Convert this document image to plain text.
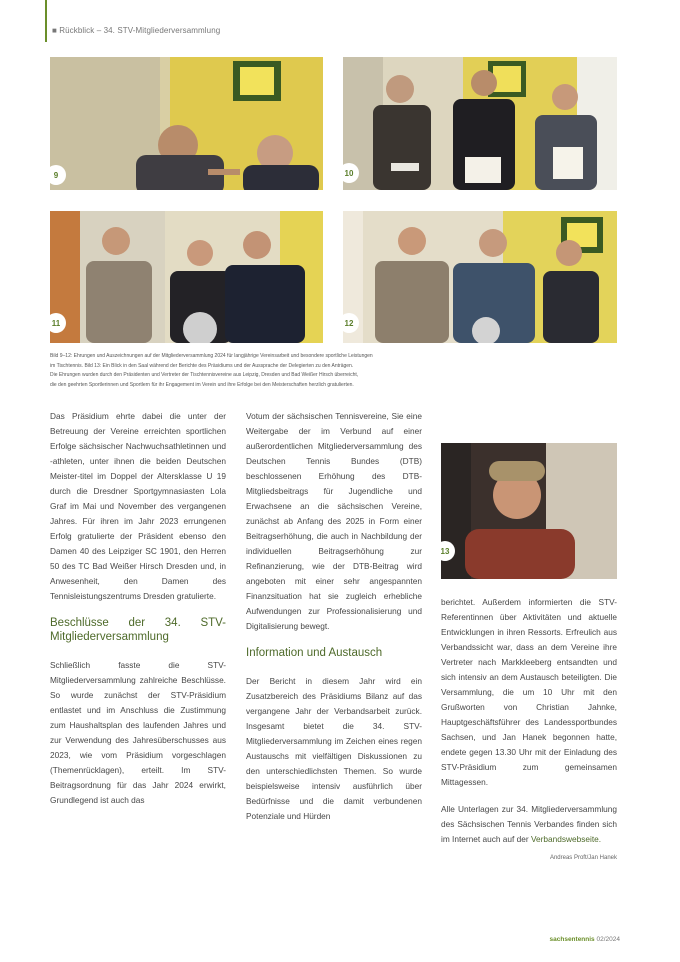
■ Rückblick – 34. STV-Mitgliederversammlung
9	10
11	12
Bild 9–12: Ehrungen und Auszeichnungen auf der Mitgliederversammlung 2024 für langjährige Vereinsarbeit und besondere sportliche Leistungen
im Tischtennis. Bild 13: Ein Blick in den Saal während der Berichte des Präsidiums und der Aussprache der Delegierten zu den Anträgen.
Die Ehrungen wurden durch den Präsidenten und Vertreter der Tischtennisvereine aus Leipzig, Dresden und Bad Weißer Hirsch überreicht,
die den geehrten Sportlerinnen und Sportlern für ihr Engagement im Verein und ihre Erfolge bei den Meisterschaften herzlich gratulierten.

Das Präsidium ehrte dabei die unter der Betreuung der Vereine erreichten sportlichen Erfolge sächsischer Nachwuchsathletinnen und -athleten, unter ihnen die beiden Deutschen Meister-titel im Doppel der Altersklasse U 19 durch die Dresdner Sportgymnasiasten Lola Graf im Mai und November des vergangenen Jahres. Für ihren im Jahr 2023 errungenen Erfolg gratulierte der Präsident ebenso den Damen 40 des Leipziger SC 1901, den Herren 50 des TC Bad Weißer Hirsch Dresden und, in Anwesenheit, den Damen des Tennisleistungszentrums Dresden gratulierte.

Beschlüsse der 34. STV-Mitgliederversammlung

Schließlich fasste die STV-Mitgliederversammlung zahlreiche Beschlüsse. So wurde zunächst der STV-Präsidium entlastet und im Anschluss die Zustimmung zum Haushaltsplan des laufenden Jahres und zur Verwendung des Jahresüberschusses aus 2023, wie vom Präsidium vorgeschlagen (Themenrücklagen), erteilt. Im STV-Beitragsordnung für das Jahr 2024 erwirkt, Grundlegend ist auch das

Votum der sächsischen Tennisvereine, Sie eine Weitergabe der im Verbund auf einer außerordentlichen Mitgliederversammlung des Deutschen Tennis Bundes (DTB) beschlossenen Erhöhung des DTB-Mitgliedsbeitrags für Jugendliche und Erwachsene an die sächsischen Vereine, zunächst ab Anfang des 2025 in Form einer Beitragserhöhung, die auch in Nachbildung der individuellen Beitragserhöhung zur Refinanzierung, wie der DTB-Beitrag wird angeboten mit einer sehr angespannten Finanzsituation hat sie zugleich erhebliche Aufwendungen zur Professionalisierung und Digitalisierung bewegt.

Information und Austausch

Der Bericht in diesem Jahr wird ein Zusatzbereich des Präsidiums Bilanz auf das vergangene Jahr der Verbandsarbeit zurück. Insgesamt bietet die 34. STV-Mitgliederversammlung im Zeichen eines regen Austauschs mit vielfältigen Diskussionen zu den unterschiedlichsten Themen. So wurde beispielsweise intensiv ausführlich über Bedürfnisse und die damit verbundenen Potenziale und Hürden

13

berichtet. Außerdem informierten die STV-Referentinnen über Aktivitäten und aktuelle Entwicklungen in ihren Ressorts. Erfreulich aus Verbandssicht war, dass an dem Vereine ihre Vertreter nach Markkleeberg entsandten und sich intensiv an dem Austausch beteiligten. Die Versammlung, die um 10 Uhr mit den Grußworten von Christian Jahnke, Hauptgeschäftsführer des Landessportbundes Sachsen, und Jan Hanek begonnen hatte, endete gegen 13.30 Uhr mit der Einladung des STV-Präsidium zum gemeinsamen Mittagessen.

Alle Unterlagen zur 34. Mitgliederversammlung des Sächsischen Tennis Verbandes finden sich im Internet auch auf der Verbandswebseite.

Andreas Proft/Jan Hanek
sachsentennis 02/2024
